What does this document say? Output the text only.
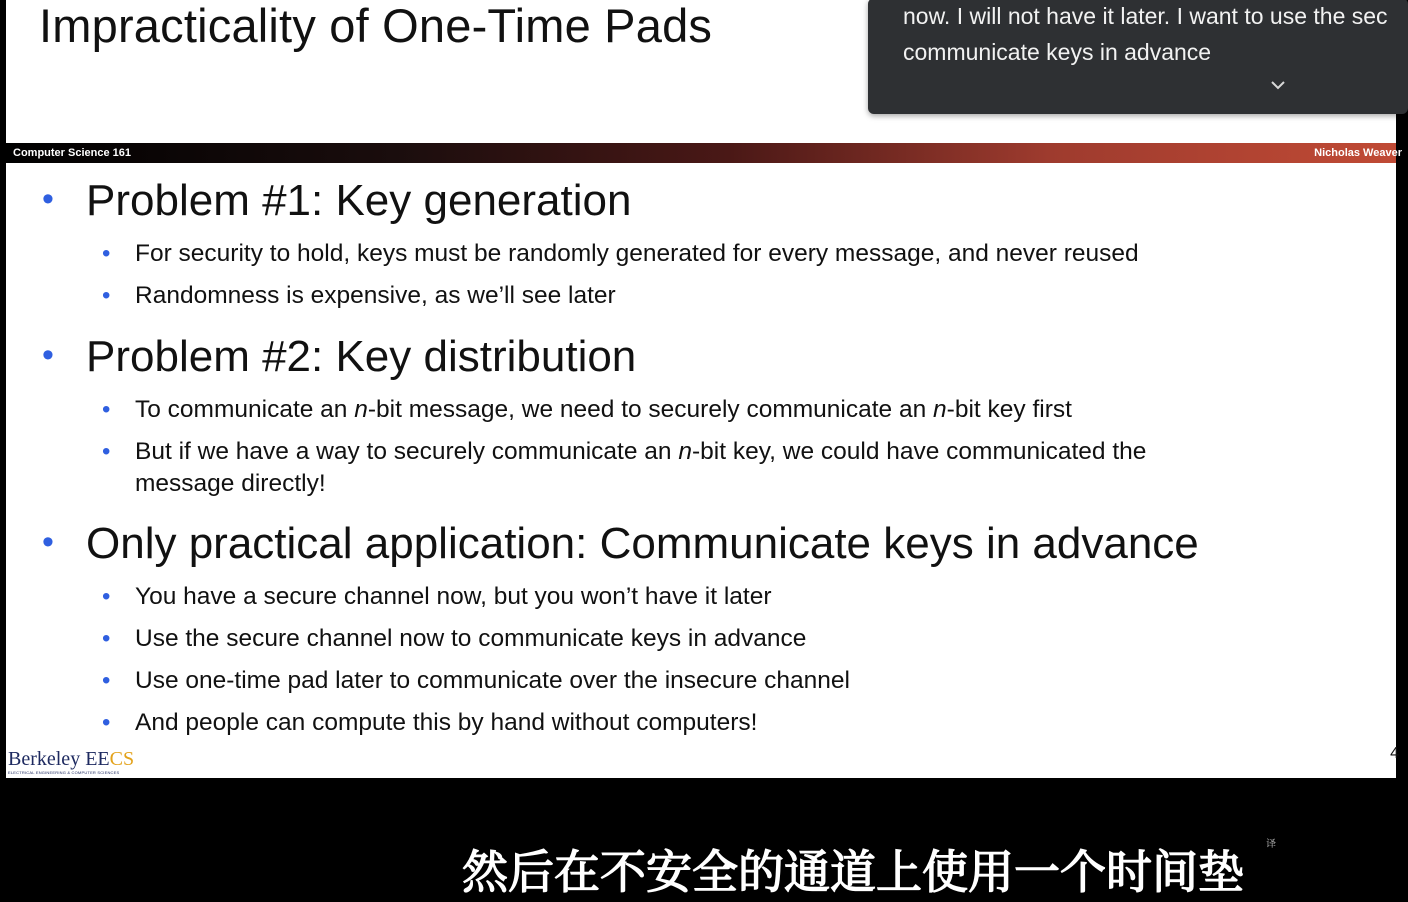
Impracticality of One-Time Pads	now. I will not have it later. I want to use the sec
communicate keys in advance
Computer Science 161	Nicholas Weaver
• Problem #1: Key generation
• For security to hold, keys must be randomly generated for every message, and never reused
• Randomness is expensive, as we’ll see later
• Problem #2: Key distribution
• To communicate an n-bit message, we need to securely communicate an n-bit key first
• But if we have a way to securely communicate an n-bit key, we could have communicated the
message directly!
• Only practical application: Communicate keys in advance
• You have a secure channel now, but you won’t have it later
• Use the secure channel now to communicate keys in advance
• Use one-time pad later to communicate over the insecure channel
• And people can compute this by hand without computers!
Berkeley EECS
ELECTRICAL ENGINEERING & COMPUTER SCIENCES
4
然后在不安全的通道上使用一个时间垫
译
